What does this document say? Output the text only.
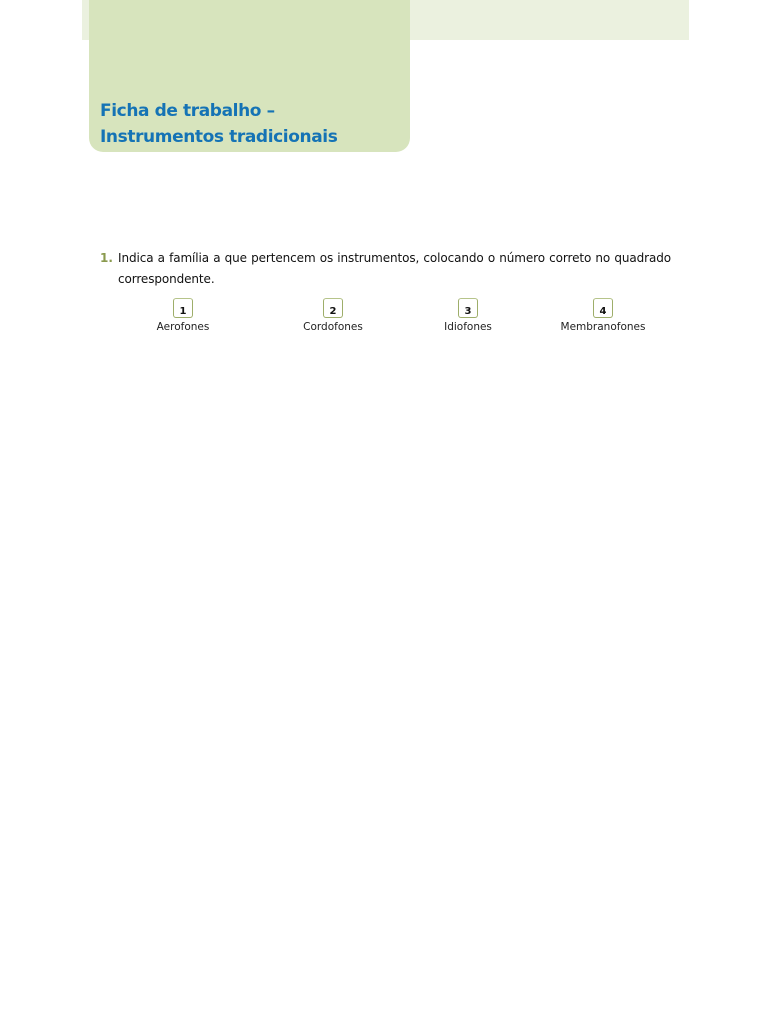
Ficha de trabalho – Instrumentos tradicionais
1. Indica a família a que pertencem os instrumentos, colocando o número correto no quadrado correspondente.

1
Aerofones
2
Cordofones
3
Idiofones
4
Membranofones
